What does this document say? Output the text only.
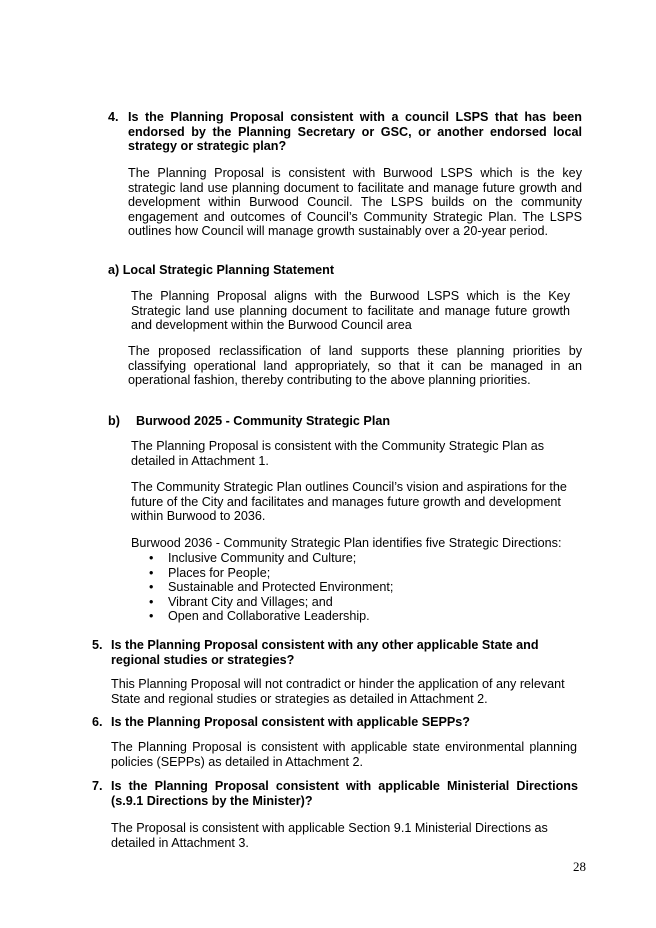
4. Is the Planning Proposal consistent with a council LSPS that has been endorsed by the Planning Secretary or GSC, or another endorsed local strategy or strategic plan?

The Planning Proposal is consistent with Burwood LSPS which is the key strategic land use planning document to facilitate and manage future growth and development within Burwood Council. The LSPS builds on the community engagement and outcomes of Council’s Community Strategic Plan. The LSPS outlines how Council will manage growth sustainably over a 20-year period.

a) Local Strategic Planning Statement

The Planning Proposal aligns with the Burwood LSPS which is the Key Strategic land use planning document to facilitate and manage future growth and development within the Burwood Council area

The proposed reclassification of land supports these planning priorities by classifying operational land appropriately, so that it can be managed in an operational fashion, thereby contributing to the above planning priorities.

b)	Burwood 2025 - Community Strategic Plan

The Planning Proposal is consistent with the Community Strategic Plan as detailed in Attachment 1.

The Community Strategic Plan outlines Council’s vision and aspirations for the future of the City and facilitates and manages future growth and development within Burwood to 2036.

Burwood 2036 - Community Strategic Plan identifies five Strategic Directions:

• Inclusive Community and Culture;
• Places for People;
• Sustainable and Protected Environment;
• Vibrant City and Villages; and
• Open and Collaborative Leadership.
5. Is the Planning Proposal consistent with any other applicable State and regional studies or strategies?

This Planning Proposal will not contradict or hinder the application of any relevant State and regional studies or strategies as detailed in Attachment 2.

6. Is the Planning Proposal consistent with applicable SEPPs?

The Planning Proposal is consistent with applicable state environmental planning policies (SEPPs) as detailed in Attachment 2.

7. Is the Planning Proposal consistent with applicable Ministerial Directions (s.9.1 Directions by the Minister)?

The Proposal is consistent with applicable Section 9.1 Ministerial Directions as detailed in Attachment 3.

28
